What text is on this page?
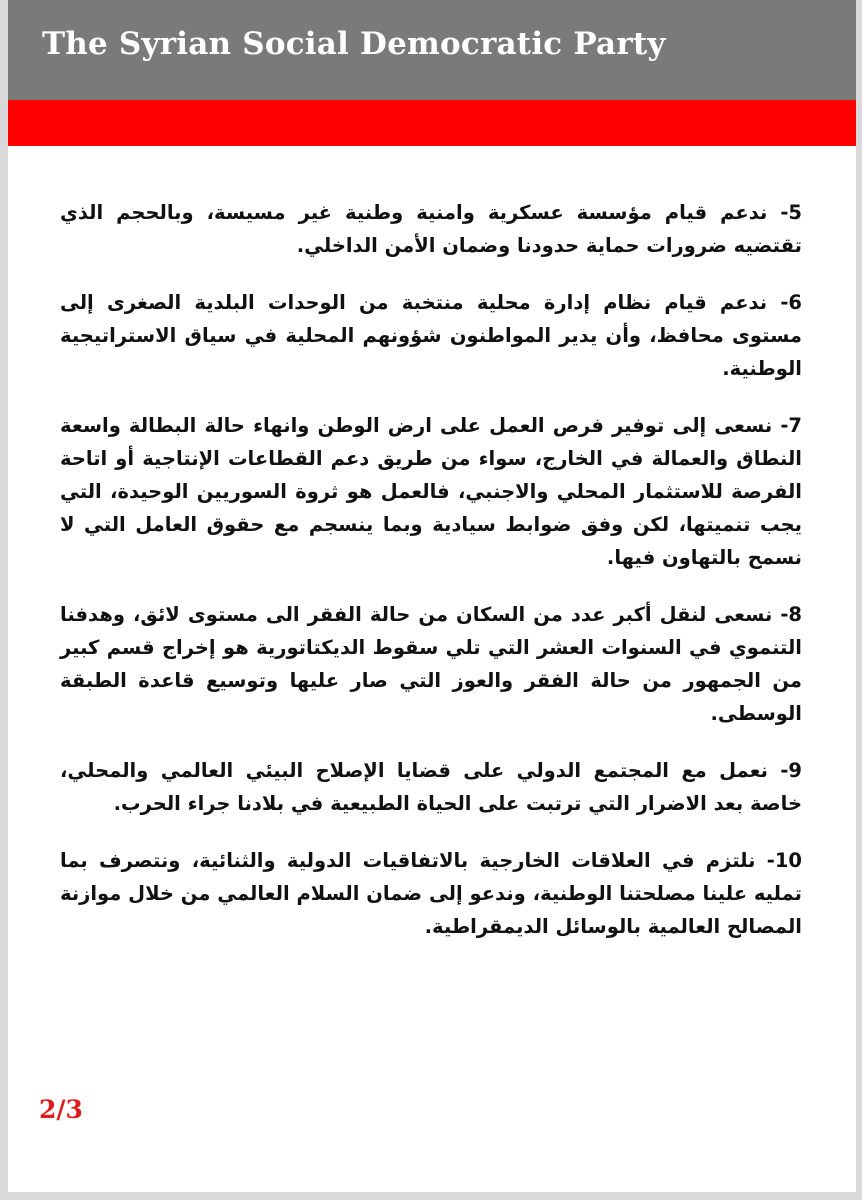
The Syrian Social Democratic Party

5- ندعم قيام مؤسسة عسكرية وامنية وطنية غير مسيسة، وبالحجم الذي تقتضيه ضرورات حماية حدودنا وضمان الأمن الداخلي.

6- ندعم قيام نظام إدارة محلية منتخبة من الوحدات البلدية الصغرى إلى مستوى محافظ، وأن يدير المواطنون شؤونهم المحلية في سياق الاستراتيجية الوطنية.

7- نسعى إلى توفير فرص العمل على ارض الوطن وانهاء حالة البطالة واسعة النطاق والعمالة في الخارج، سواء من طريق دعم القطاعات الإنتاجية أو اتاحة الفرصة للاستثمار المحلي والاجنبي، فالعمل هو ثروة السوريين الوحيدة، التي يجب تنميتها، لكن وفق ضوابط سيادية وبما ينسجم مع حقوق العامل التي لا نسمح بالتهاون فيها.

8- نسعى لنقل أكبر عدد من السكان من حالة الفقر الى مستوى لائق، وهدفنا التنموي في السنوات العشر التي تلي سقوط الديكتاتورية هو إخراج قسم كبير من الجمهور من حالة الفقر والعوز التي صار عليها وتوسيع قاعدة الطبقة الوسطى.

9- نعمل مع المجتمع الدولي على قضايا الإصلاح البيئي العالمي والمحلي، خاصة بعد الاضرار التي ترتبت على الحياة الطبيعية في بلادنا جراء الحرب.

10- نلتزم في العلاقات الخارجية بالاتفاقيات الدولية والثنائية، ونتصرف بما تمليه علينا مصلحتنا الوطنية، وندعو إلى ضمان السلام العالمي من خلال موازنة المصالح العالمية بالوسائل الديمقراطية.

2/3
